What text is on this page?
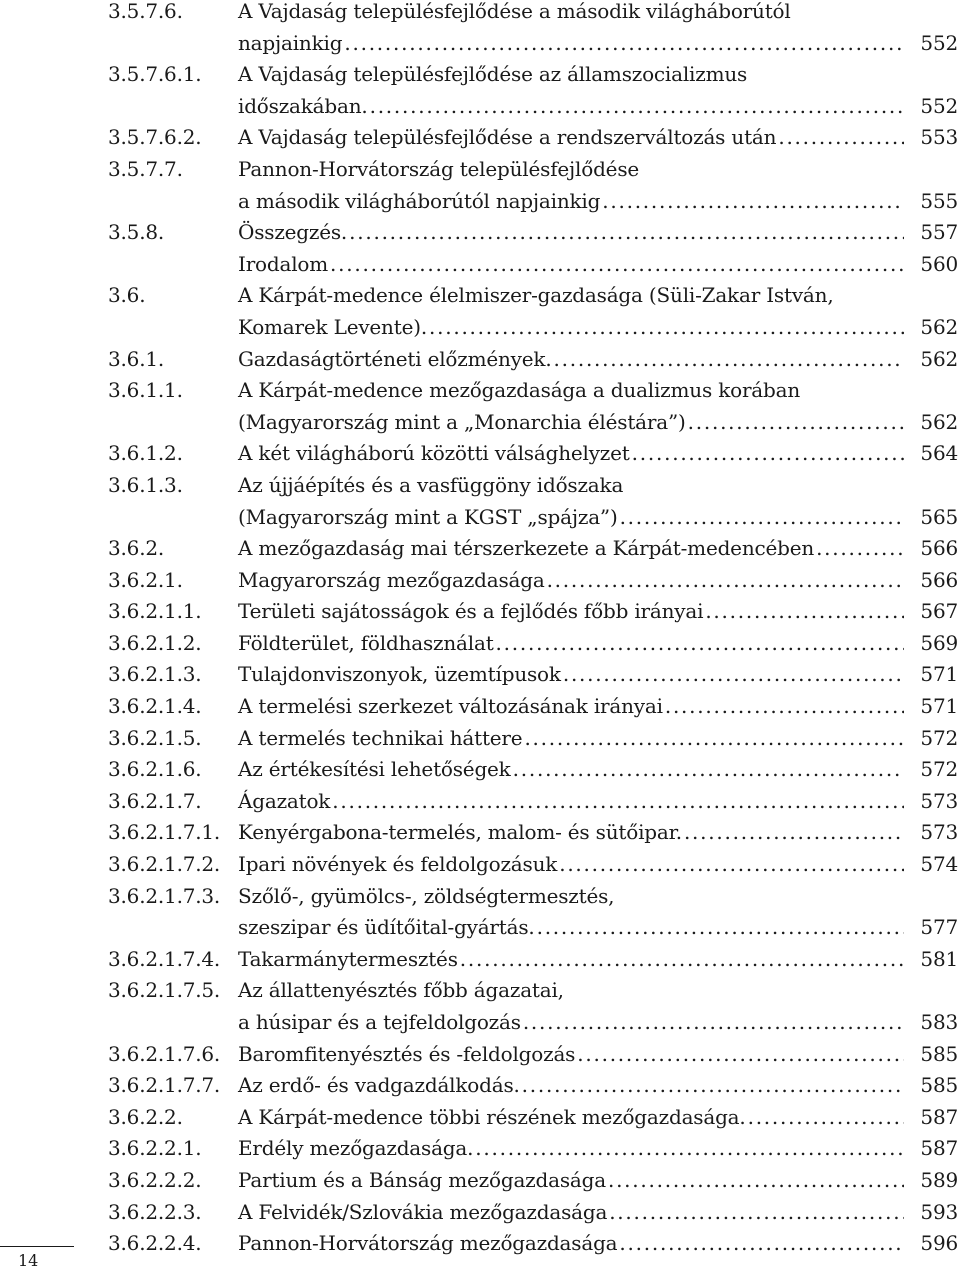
3.5.7.6.	A Vajdaság településfejlődése a második világháborútól
napjainkig . . .	552
3.5.7.6.1.	A Vajdaság településfejlődése az államszocializmus
időszakában. . . .	552
3.5.7.6.2.	A Vajdaság településfejlődése a rendszerváltozás után . . .	553
3.5.7.7.	Pannon-Horvátország településfejlődése
a második világháborútól napjainkig . . .	555
3.5.8.	Összegzés. . . .	557
Irodalom . . .	560
3.6.	A Kárpát-medence élelmiszer-gazdasága (Süli-Zakar István,
Komarek Levente). . . .	562
3.6.1.	Gazdaságtörténeti előzmények. . . .	562
3.6.1.1.	A Kárpát-medence mezőgazdasága a dualizmus korában
(Magyarország mint a „Monarchia éléstára”) . . .	562
3.6.1.2.	A két világháború közötti válsághelyzet . . .	564
3.6.1.3.	Az újjáépítés és a vasfüggöny időszaka
(Magyarország mint a KGST „spájza”) . . .	565
3.6.2.	A mezőgazdaság mai térszerkezete a Kárpát-medencében . . .	566
3.6.2.1.	Magyarország mezőgazdasága . . .	566
3.6.2.1.1.	Területi sajátosságok és a fejlődés főbb irányai . . .	567
3.6.2.1.2.	Földterület, földhasználat . . .	569
3.6.2.1.3.	Tulajdonviszonyok, üzemtípusok . . .	571
3.6.2.1.4.	A termelési szerkezet változásának irányai . . .	571
3.6.2.1.5.	A termelés technikai háttere . . .	572
3.6.2.1.6.	Az értékesítési lehetőségek . . .	572
3.6.2.1.7.	Ágazatok . . .	573
3.6.2.1.7.1. Kenyérgabona-termelés, malom- és sütőipar. . . .	573
3.6.2.1.7.2. Ipari növények és feldolgozásuk . . .	574
3.6.2.1.7.3. Szőlő-, gyümölcs-, zöldségtermesztés,
szeszipar és üdítőital-gyártás. . . .	577
3.6.2.1.7.4. Takarmánytermesztés . . .	581
3.6.2.1.7.5. Az állattenyésztés főbb ágazatai,
a húsipar és a tejfeldolgozás . . .	583
3.6.2.1.7.6. Baromfitenyésztés és -feldolgozás . . .	585
3.6.2.1.7.7. Az erdő- és vadgazdálkodás. . . .	585
3.6.2.2.	A Kárpát-medence többi részének mezőgazdasága. . . .	587
3.6.2.2.1.	Erdély mezőgazdasága. . . .	587
3.6.2.2.2.	Partium és a Bánság mezőgazdasága . . .	589
3.6.2.2.3.	A Felvidék/Szlovákia mezőgazdasága . . .	593
3.6.2.2.4.	Pannon-Horvátország mezőgazdasága . . .	596
14
